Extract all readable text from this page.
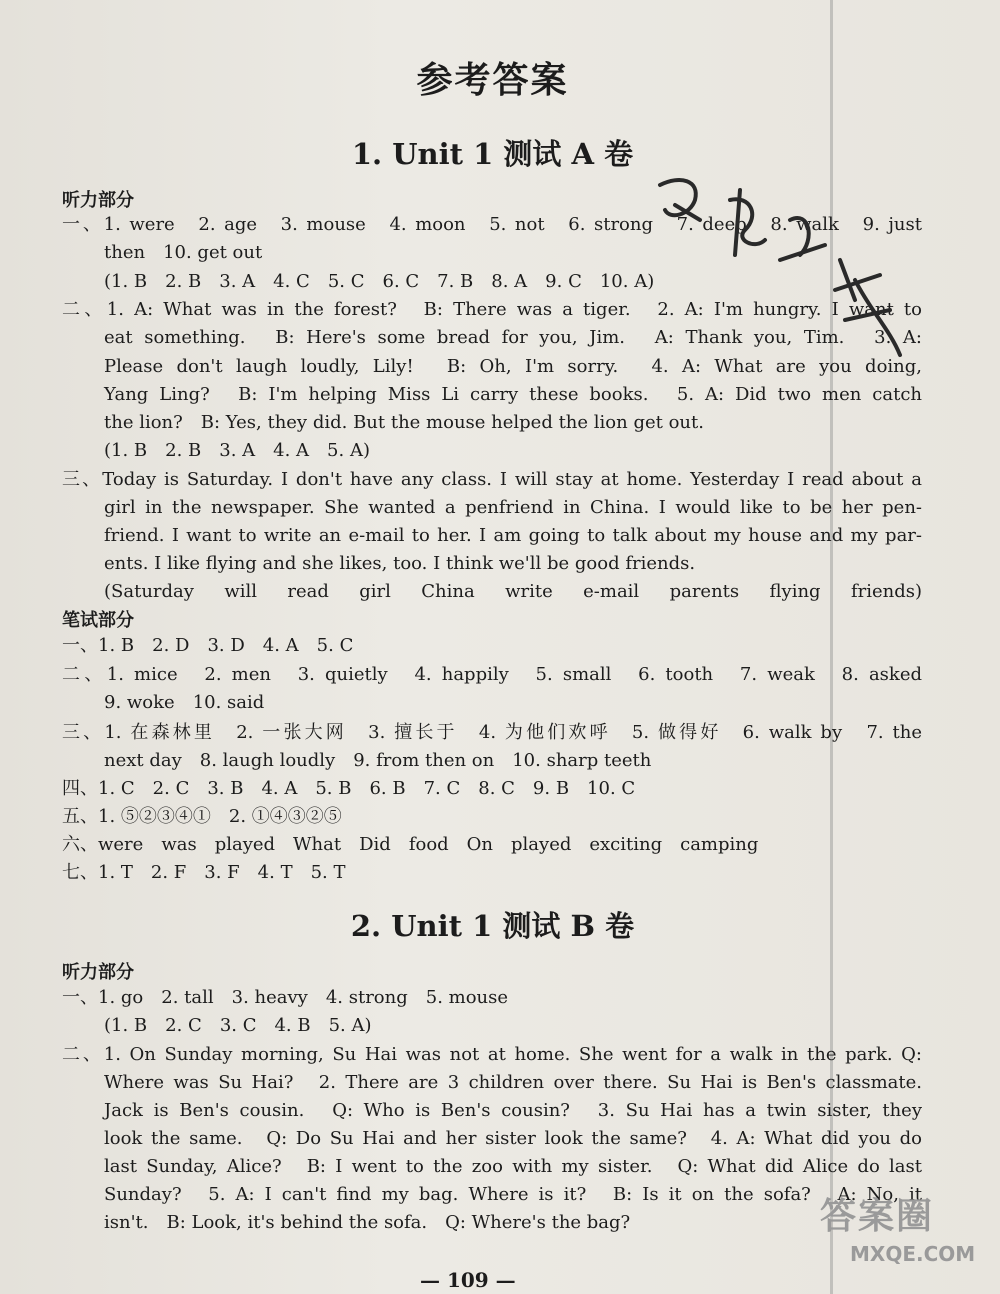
参考答案
1. Unit 1 测试 A 卷
听力部分
一、1. were　2. age　3. mouse　4. moon　5. not　6. strong　7. deep　8. walk　9. just
then　10. get out
(1. B　2. B　3. A　4. C　5. C　6. C　7. B　8. A　9. C　10. A)
二、1. A: What was in the forest?　B: There was a tiger.　2. A: I'm hungry. I want to
eat something.　B: Here's some bread for you, Jim.　A: Thank you, Tim.　3. A:
Please don't laugh loudly, Lily!　B: Oh, I'm sorry.　4. A: What are you doing,
Yang Ling?　B: I'm helping Miss Li carry these books.　5. A: Did two men catch
the lion?　B: Yes, they did. But the mouse helped the lion get out.
(1. B　2. B　3. A　4. A　5. A)
三、Today is Saturday. I don't have any class. I will stay at home. Yesterday I read about a
girl in the newspaper. She wanted a penfriend in China. I would like to be her pen-
friend. I want to write an e-mail to her. I am going to talk about my house and my par-
ents. I like flying and she likes, too. I think we'll be good friends.
(Saturday　will　read　girl　China　write　e-mail　parents　flying　friends)
笔试部分
一、1. B　2. D　3. D　4. A　5. C
二、1. mice　2. men　3. quietly　4. happily　5. small　6. tooth　7. weak　8. asked
9. woke　10. said
三、1. 在森林里　2. 一张大网　3. 擅长于　4. 为他们欢呼　5. 做得好　6. walk by　7. the
next day　8. laugh loudly　9. from then on　10. sharp teeth
四、1. C　2. C　3. B　4. A　5. B　6. B　7. C　8. C　9. B　10. C
五、1. ⑤②③④①　2. ①④③②⑤
六、were　was　played　What　Did　food　On　played　exciting　camping
七、1. T　2. F　3. F　4. T　5. T
2. Unit 1 测试 B 卷
听力部分
一、1. go　2. tall　3. heavy　4. strong　5. mouse
(1. B　2. C　3. C　4. B　5. A)
二、1. On Sunday morning, Su Hai was not at home. She went for a walk in the park. Q:
Where was Su Hai?　2. There are 3 children over there. Su Hai is Ben's classmate.
Jack is Ben's cousin.　Q: Who is Ben's cousin?　3. Su Hai has a twin sister, they
look the same.　Q: Do Su Hai and her sister look the same?　4. A: What did you do
last Sunday, Alice?　B: I went to the zoo with my sister.　Q: What did Alice do last
Sunday?　5. A: I can't find my bag. Where is it?　B: Is it on the sofa?　A: No, it
isn't.　B: Look, it's behind the sofa.　Q: Where's the bag?
— 109 —
答案圈
MXQE.COM
